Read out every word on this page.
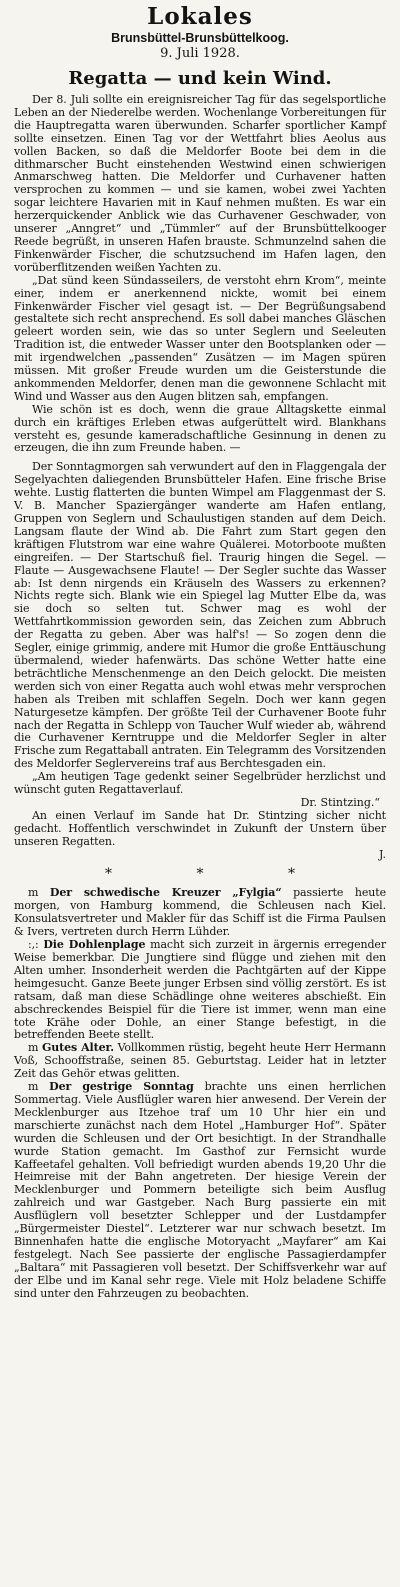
Lokales

Brunsbüttel-Brunsbüttelkoog.

9. Juli 1928.

Regatta — und kein Wind.

Der 8. Juli sollte ein ereignisreicher Tag für das segelsportliche Leben an der Niederelbe werden. Wochenlange Vorbereitungen für die Hauptregatta waren überwunden. Scharfer sportlicher Kampf sollte einsetzen. Einen Tag vor der Wettfahrt blies Aeolus aus vollen Backen, so daß die Meldorfer Boote bei dem in die dithmarscher Bucht einstehenden Westwind einen schwierigen Anmarschweg hatten. Die Meldorfer und Curhavener hatten versprochen zu kommen — und sie kamen, wobei zwei Yachten sogar leichtere Havarien mit in Kauf nehmen mußten. Es war ein herzerquickender Anblick wie das Curhavener Geschwader, von unserer „Anngret“ und „Tümmler“ auf der Brunsbüttelkooger Reede begrüßt, in unseren Hafen brauste. Schmunzelnd sahen die Finkenwärder Fischer, die schutzsuchend im Hafen lagen, den vorüberflitzenden weißen Yachten zu.

„Dat sünd keen Sündasseilers, de verstoht ehrn Krom“, meinte einer, indem er anerkennend nickte, womit bei einem Finkenwärder Fischer viel gesagt ist. — Der Begrüßungsabend gestaltete sich recht ansprechend. Es soll dabei manches Gläschen geleert worden sein, wie das so unter Seglern und Seeleuten Tradition ist, die entweder Wasser unter den Bootsplanken oder — mit irgendwelchen „passenden“ Zusätzen — im Magen spüren müssen. Mit großer Freude wurden um die Geisterstunde die ankommenden Meldorfer, denen man die gewonnene Schlacht mit Wind und Wasser aus den Augen blitzen sah, empfangen.

Wie schön ist es doch, wenn die graue Alltagskette einmal durch ein kräftiges Erleben etwas aufgerüttelt wird. Blankhans versteht es, gesunde kameradschaftliche Gesinnung in denen zu erzeugen, die ihn zum Freunde haben. —

Der Sonntagmorgen sah verwundert auf den in Flaggengala der Segelyachten daliegenden Brunsbütteler Hafen. Eine frische Brise wehte. Lustig flatterten die bunten Wimpel am Flaggenmast der S. V. B. Mancher Spaziergänger wanderte am Hafen entlang, Gruppen von Seglern und Schaulustigen standen auf dem Deich. Langsam flaute der Wind ab. Die Fahrt zum Start gegen den kräftigen Flutstrom war eine wahre Quälerei. Motorboote mußten eingreifen. — Der Startschuß fiel. Traurig hingen die Segel. — Flaute — Ausgewachsene Flaute! — Der Segler suchte das Wasser ab: Ist denn nirgends ein Kräuseln des Wassers zu erkennen? Nichts regte sich. Blank wie ein Spiegel lag Mutter Elbe da, was sie doch so selten tut. Schwer mag es wohl der Wettfahrtkommission geworden sein, das Zeichen zum Abbruch der Regatta zu geben. Aber was half's! — So zogen denn die Segler, einige grimmig, andere mit Humor die große Enttäuschung übermalend, wieder hafenwärts. Das schöne Wetter hatte eine beträchtliche Menschenmenge an den Deich gelockt. Die meisten werden sich von einer Regatta auch wohl etwas mehr versprochen haben als Treiben mit schlaffen Segeln. Doch wer kann gegen Naturgesetze kämpfen. Der größte Teil der Curhavener Boote fuhr nach der Regatta in Schlepp von Taucher Wulf wieder ab, während die Curhavener Kerntruppe und die Meldorfer Segler in alter Frische zum Regattaball antraten. Ein Telegramm des Vorsitzenden des Meldorfer Seglervereins traf aus Berchtesgaden ein.

„Am heutigen Tage gedenkt seiner Segelbrüder herzlichst und wünscht guten Regattaverlauf.

Dr. Stintzing.“

An einen Verlauf im Sande hat Dr. Stintzing sicher nicht gedacht. Hoffentlich verschwindet in Zukunft der Unstern über unseren Regatten.

J.

* * *

m Der schwedische Kreuzer „Fylgia“ passierte heute morgen, von Hamburg kommend, die Schleusen nach Kiel. Konsulatsvertreter und Makler für das Schiff ist die Firma Paulsen & Ivers, vertreten durch Herrn Lühder.

:,: Die Dohlenplage macht sich zurzeit in ärgernis erregender Weise bemerkbar. Die Jungtiere sind flügge und ziehen mit den Alten umher. Insonderheit werden die Pachtgärten auf der Kippe heimgesucht. Ganze Beete junger Erbsen sind völlig zerstört. Es ist ratsam, daß man diese Schädlinge ohne weiteres abschießt. Ein abschreckendes Beispiel für die Tiere ist immer, wenn man eine tote Krähe oder Dohle, an einer Stange befestigt, in die betreffenden Beete stellt.

m Gutes Alter. Vollkommen rüstig, begeht heute Herr Hermann Voß, Schooffstraße, seinen 85. Geburtstag. Leider hat in letzter Zeit das Gehör etwas gelitten.

m Der gestrige Sonntag brachte uns einen herrlichen Sommertag. Viele Ausflügler waren hier anwesend. Der Verein der Mecklenburger aus Itzehoe traf um 10 Uhr hier ein und marschierte zunächst nach dem Hotel „Hamburger Hof“. Später wurden die Schleusen und der Ort besichtigt. In der Strandhalle wurde Station gemacht. Im Gasthof zur Fernsicht wurde Kaffeetafel gehalten. Voll befriedigt wurden abends 19,20 Uhr die Heimreise mit der Bahn angetreten. Der hiesige Verein der Mecklenburger und Pommern beteiligte sich beim Ausflug zahlreich und war Gastgeber. Nach Burg passierte ein mit Ausflüglern voll besetzter Schlepper und der Lustdampfer „Bürgermeister Diestel“. Letzterer war nur schwach besetzt. Im Binnenhafen hatte die englische Motoryacht „Mayfarer“ am Kai festgelegt. Nach See passierte der englische Passagierdampfer „Baltara“ mit Passagieren voll besetzt. Der Schiffsverkehr war auf der Elbe und im Kanal sehr rege. Viele mit Holz beladene Schiffe sind unter den Fahrzeugen zu beobachten.
